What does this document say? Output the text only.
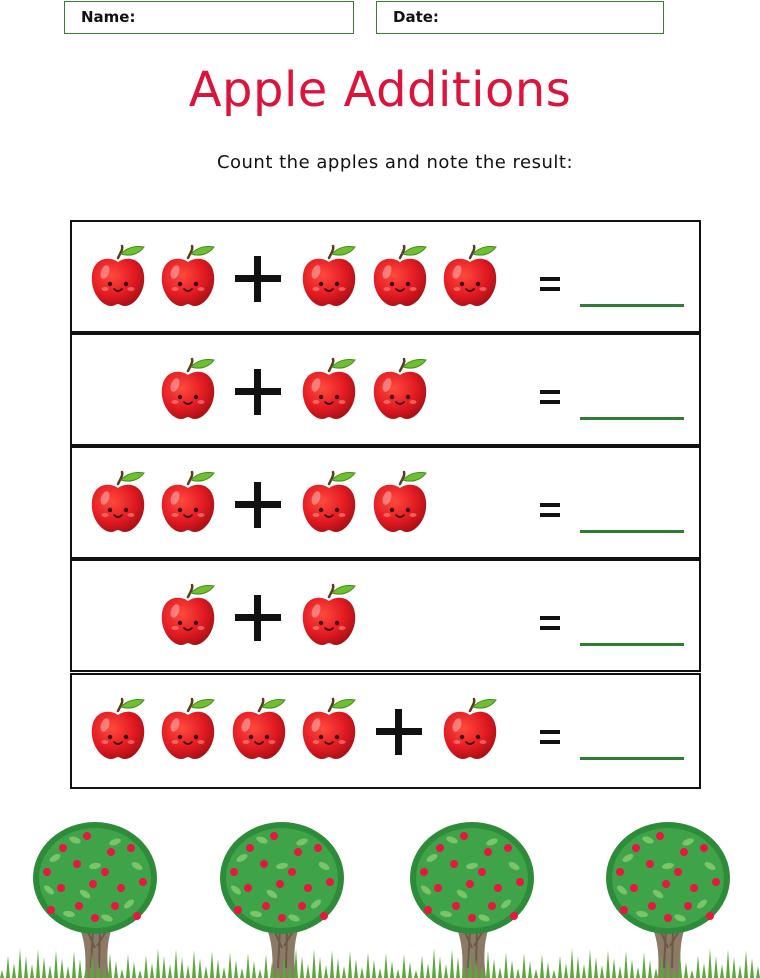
Name:	Date:
Apple Additions
Count the apples and note the result:
